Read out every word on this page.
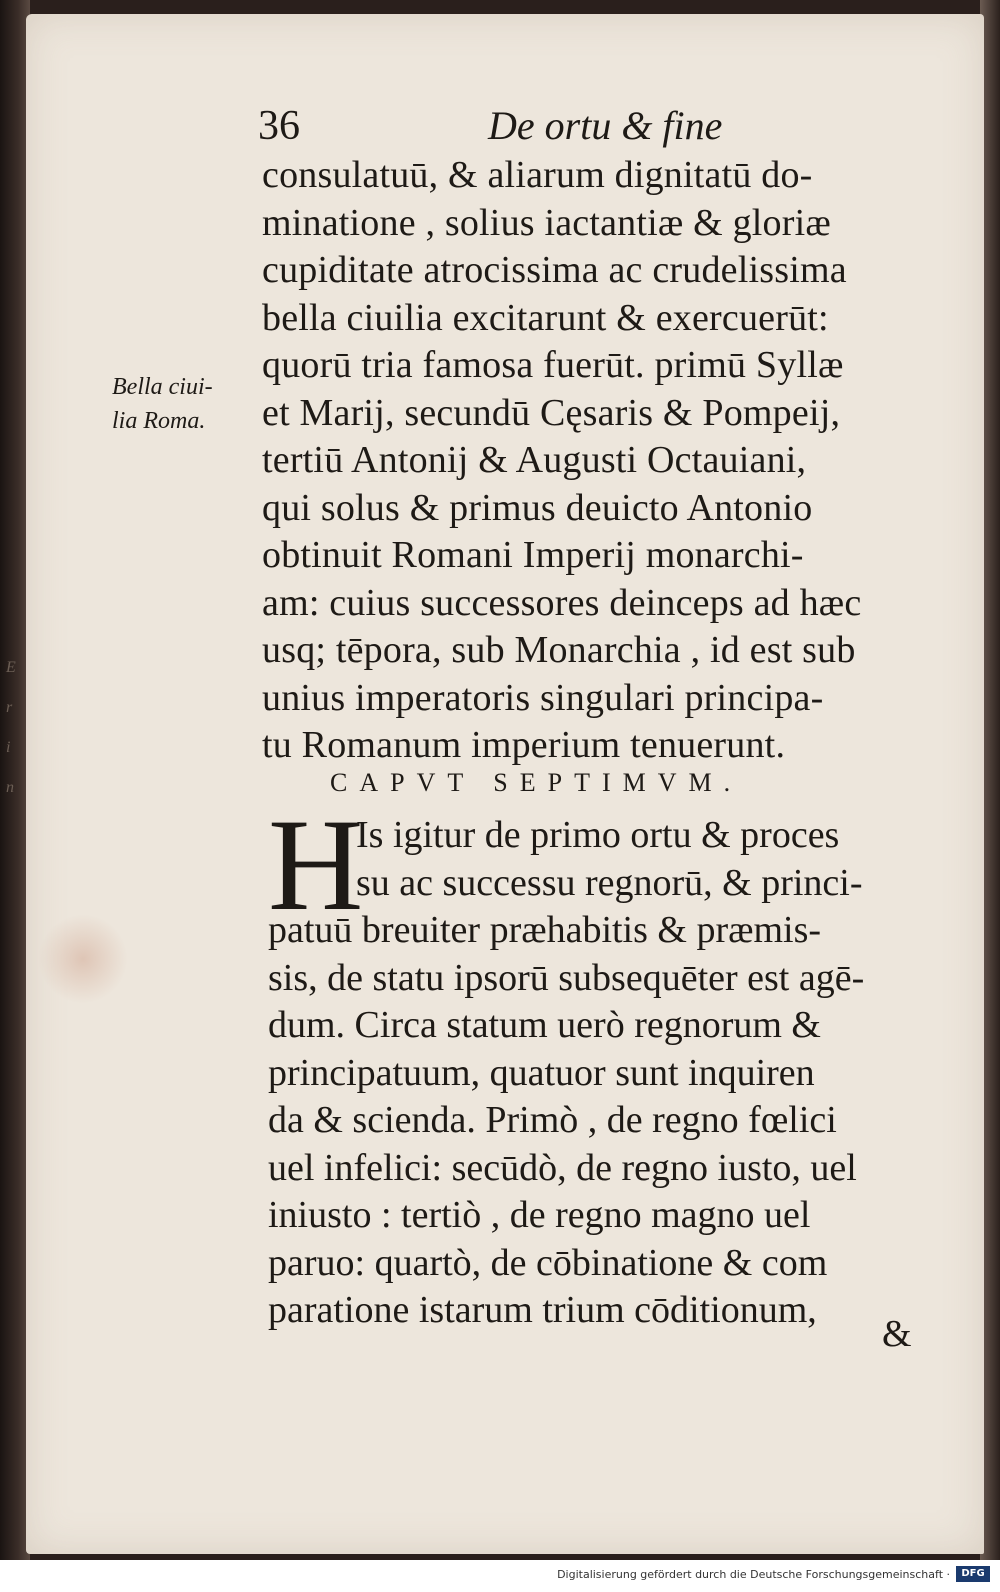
36	De ortu & fine
E
r
i
n
Bella ciui-
lia Roma.
consulatuū, & aliarum dignitatū do-
minatione , solius iactantiæ & gloriæ
cupiditate atrocissima ac crudelissima
bella ciuilia excitarunt & exercuerūt:
quorū tria famosa fuerūt. primū Syllæ
et Marij, secundū Cęsaris & Pompeij,
tertiū Antonij & Augusti Octauiani,
qui solus & primus deuicto Antonio
obtinuit Romani Imperij monarchi-
am: cuius successores deinceps ad hæc
usq; tēpora, sub Monarchia , id est sub
unius imperatoris singulari principa-
tu Romanum imperium tenuerunt.
CAPVT SEPTIMVM.
H
Is igitur de primo ortu & proces
su ac successu regnorū, & princi-
patuū breuiter præhabitis & præmis-
sis, de statu ipsorū subsequēter est agē-
dum. Circa statum uerò regnorum &
principatuum, quatuor sunt inquiren
da & scienda. Primò , de regno fœlici
uel infelici: secūdò, de regno iusto, uel
iniusto : tertiò , de regno magno uel
paruo: quartò, de cōbinatione & com
paratione istarum trium cōditionum,
&
Digitalisierung gefördert durch die Deutsche Forschungsgemeinschaft ·	DFG
